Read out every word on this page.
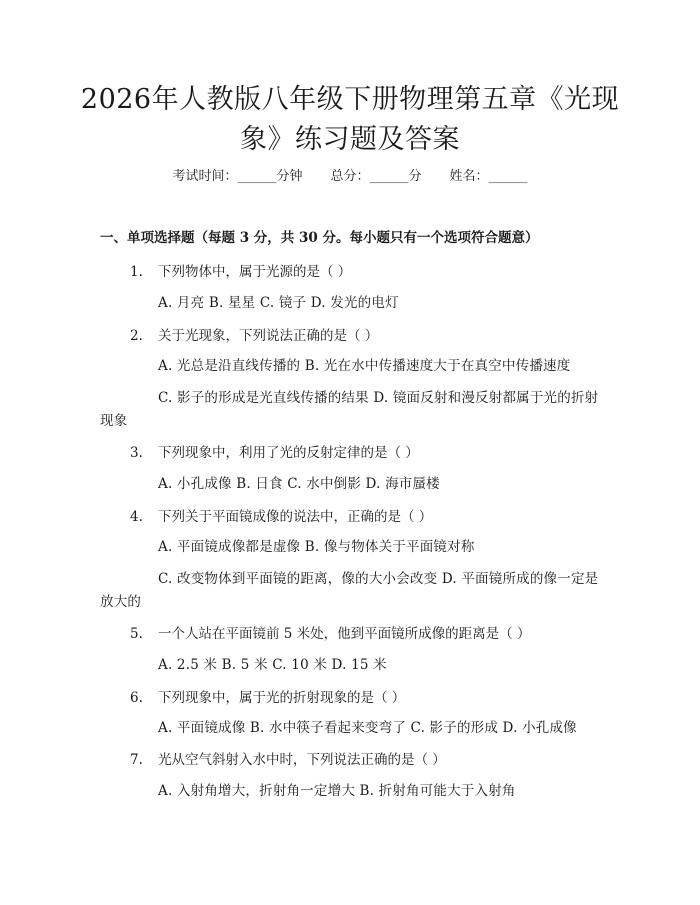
2026年人教版八年级下册物理第五章《光现象》练习题及答案
考试时间：______分钟 总分：______分 姓名：______
一、单项选择题（每题 3 分，共 30 分。每小题只有一个选项符合题意）
1. 下列物体中，属于光源的是（ ）
A. 月亮 B. 星星 C. 镜子 D. 发光的电灯
2. 关于光现象，下列说法正确的是（ ）
A. 光总是沿直线传播的 B. 光在水中传播速度大于在真空中传播速度
C. 影子的形成是光直线传播的结果 D. 镜面反射和漫反射都属于光的折射现象
3. 下列现象中，利用了光的反射定律的是（ ）
A. 小孔成像 B. 日食 C. 水中倒影 D. 海市蜃楼
4. 下列关于平面镜成像的说法中，正确的是（ ）
A. 平面镜成像都是虚像 B. 像与物体关于平面镜对称
C. 改变物体到平面镜的距离，像的大小会改变 D. 平面镜所成的像一定是放大的
5. 一个人站在平面镜前 5 米处，他到平面镜所成像的距离是（ ）
A. 2.5 米 B. 5 米 C. 10 米 D. 15 米
6. 下列现象中，属于光的折射现象的是（ ）
A. 平面镜成像 B. 水中筷子看起来变弯了 C. 影子的形成 D. 小孔成像
7. 光从空气斜射入水中时，下列说法正确的是（ ）
A. 入射角增大，折射角一定增大 B. 折射角可能大于入射角
